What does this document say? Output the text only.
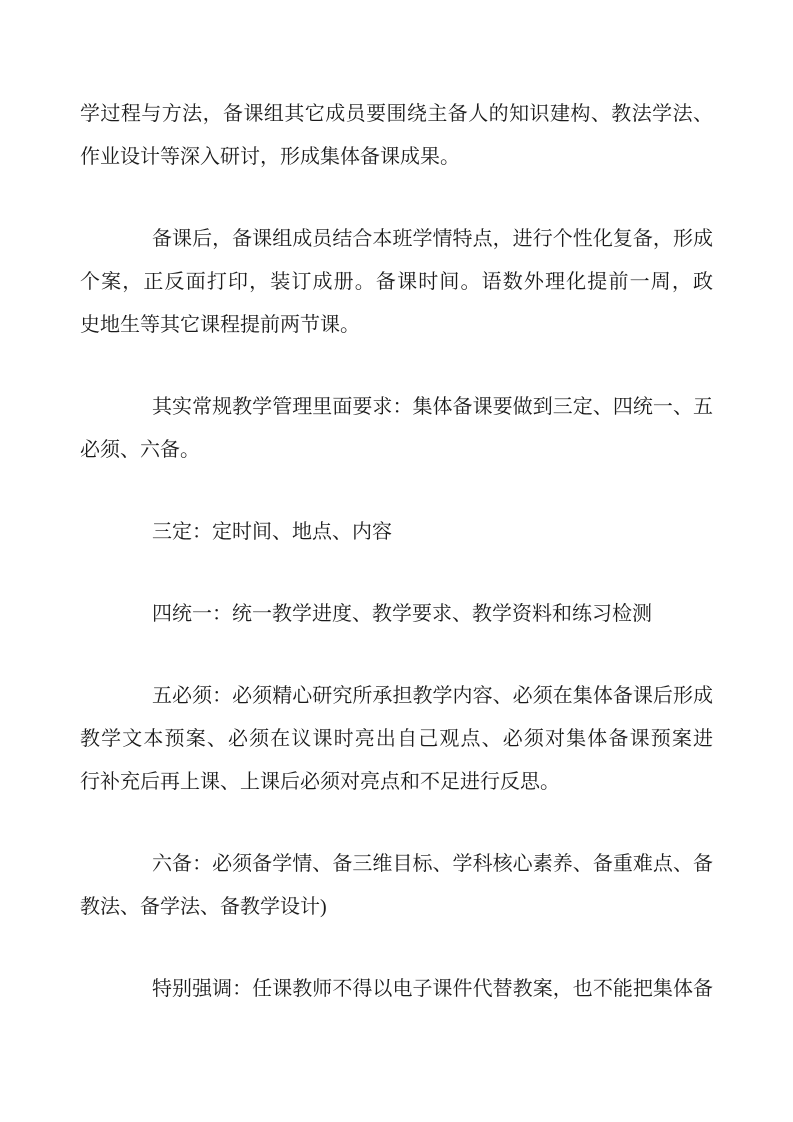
学过程与方法，备课组其它成员要围绕主备人的知识建构、教法学法、
作业设计等深入研讨，形成集体备课成果。
备课后，备课组成员结合本班学情特点，进行个性化复备，形成
个案，正反面打印，装订成册。备课时间。语数外理化提前一周，政
史地生等其它课程提前两节课。
其实常规教学管理里面要求：集体备课要做到三定、四统一、五
必须、六备。
三定：定时间、地点、内容
四统一：统一教学进度、教学要求、教学资料和练习检测
五必须：必须精心研究所承担教学内容、必须在集体备课后形成
教学文本预案、必须在议课时亮出自己观点、必须对集体备课预案进
行补充后再上课、上课后必须对亮点和不足进行反思。
六备：必须备学情、备三维目标、学科核心素养、备重难点、备
教法、备学法、备教学设计)
特别强调：任课教师不得以电子课件代替教案，也不能把集体备
